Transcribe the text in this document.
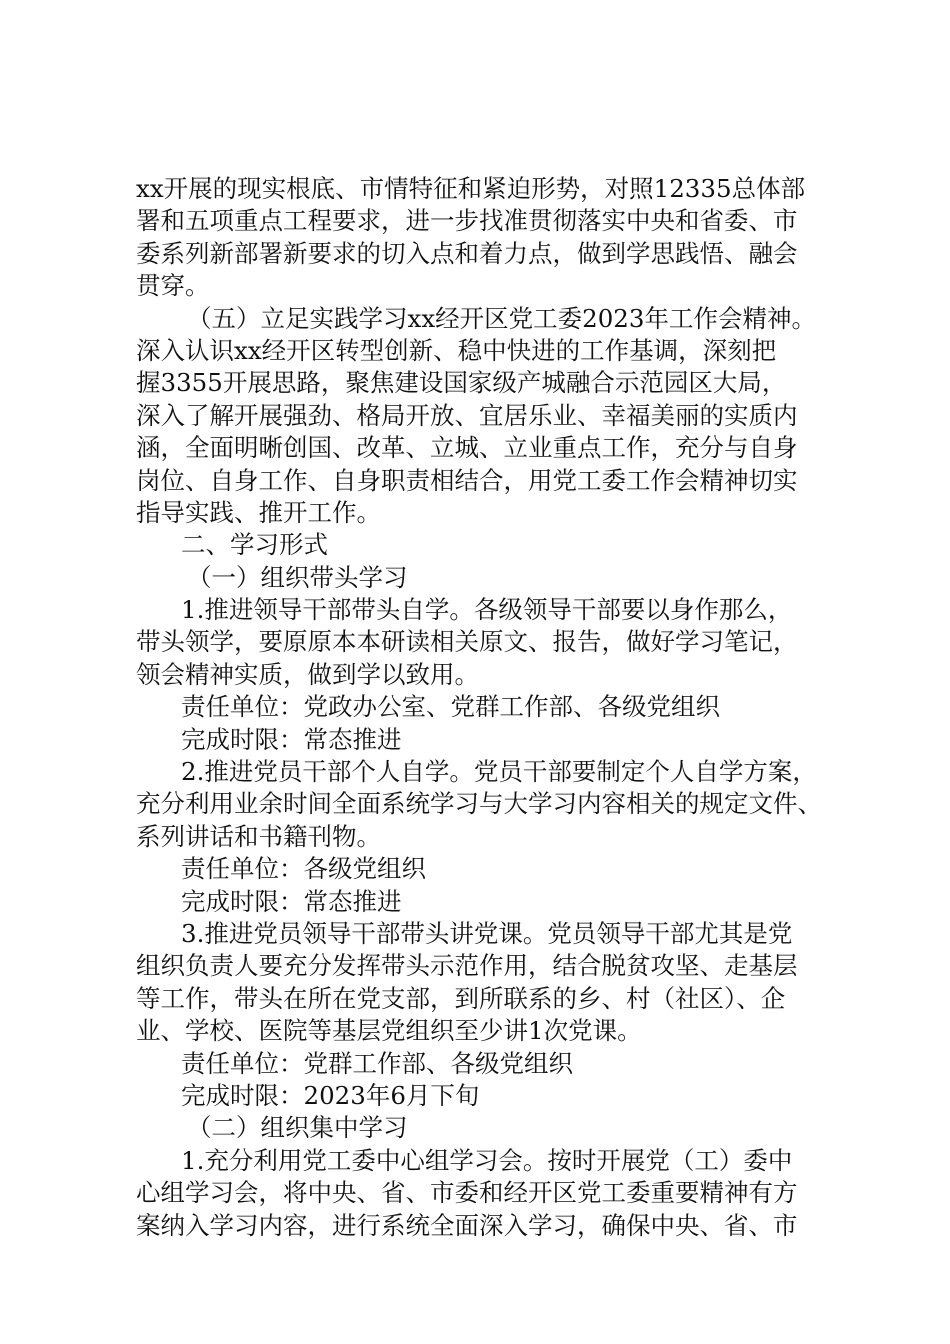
xx开展的现实根底、市情特征和紧迫形势，对照12335总体部
署和五项重点工程要求，进一步找准贯彻落实中央和省委、市
委系列新部署新要求的切入点和着力点，做到学思践悟、融会
贯穿。
（五）立足实践学习xx经开区党工委2023年工作会精神。
深入认识xx经开区转型创新、稳中快进的工作基调，深刻把
握3355开展思路，聚焦建设国家级产城融合示范园区大局，
深入了解开展强劲、格局开放、宜居乐业、幸福美丽的实质内
涵，全面明晰创国、改革、立城、立业重点工作，充分与自身
岗位、自身工作、自身职责相结合，用党工委工作会精神切实
指导实践、推开工作。
二、学习形式
（一）组织带头学习
1.推进领导干部带头自学。各级领导干部要以身作那么，
带头领学，要原原本本研读相关原文、报告，做好学习笔记，
领会精神实质，做到学以致用。
责任单位：党政办公室、党群工作部、各级党组织
完成时限：常态推进
2.推进党员干部个人自学。党员干部要制定个人自学方案，
充分利用业余时间全面系统学习与大学习内容相关的规定文件、
系列讲话和书籍刊物。
责任单位：各级党组织
完成时限：常态推进
3.推进党员领导干部带头讲党课。党员领导干部尤其是党
组织负责人要充分发挥带头示范作用，结合脱贫攻坚、走基层
等工作，带头在所在党支部，到所联系的乡、村（社区）、企
业、学校、医院等基层党组织至少讲1次党课。
责任单位：党群工作部、各级党组织
完成时限：2023年6月下旬
（二）组织集中学习
1.充分利用党工委中心组学习会。按时开展党（工）委中
心组学习会，将中央、省、市委和经开区党工委重要精神有方
案纳入学习内容，进行系统全面深入学习，确保中央、省、市
